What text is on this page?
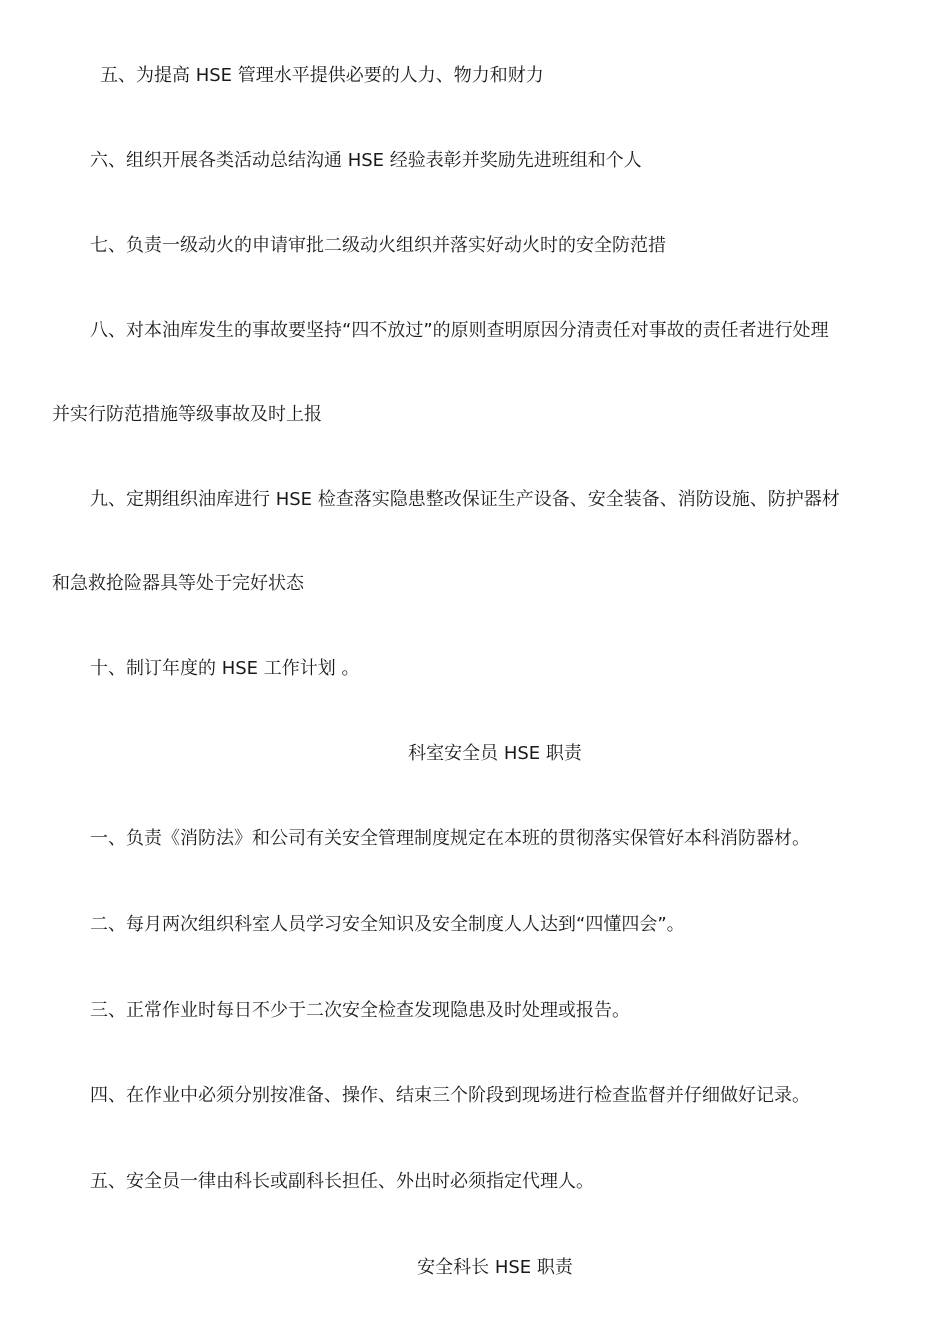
五、为提高 HSE 管理水平提供必要的人力、物力和财力
六、组织开展各类活动总结沟通 HSE 经验表彰并奖励先进班组和个人
七、负责一级动火的申请审批二级动火组织并落实好动火时的安全防范措
八、对本油库发生的事故要坚持“四不放过”的原则查明原因分清责任对事故的责任者进行处理
并实行防范措施等级事故及时上报
九、定期组织油库进行 HSE 检查落实隐患整改保证生产设备、安全装备、消防设施、防护器材
和急救抢险器具等处于完好状态
十、制订年度的 HSE 工作计划 。
科室安全员 HSE 职责
一、负责《消防法》和公司有关安全管理制度规定在本班的贯彻落实保管好本科消防器材。
二、每月两次组织科室人员学习安全知识及安全制度人人达到“四懂四会”。
三、正常作业时每日不少于二次安全检查发现隐患及时处理或报告。
四、在作业中必须分别按准备、操作、结束三个阶段到现场进行检查监督并仔细做好记录。
五、安全员一律由科长或副科长担任、外出时必须指定代理人。
安全科长 HSE 职责
